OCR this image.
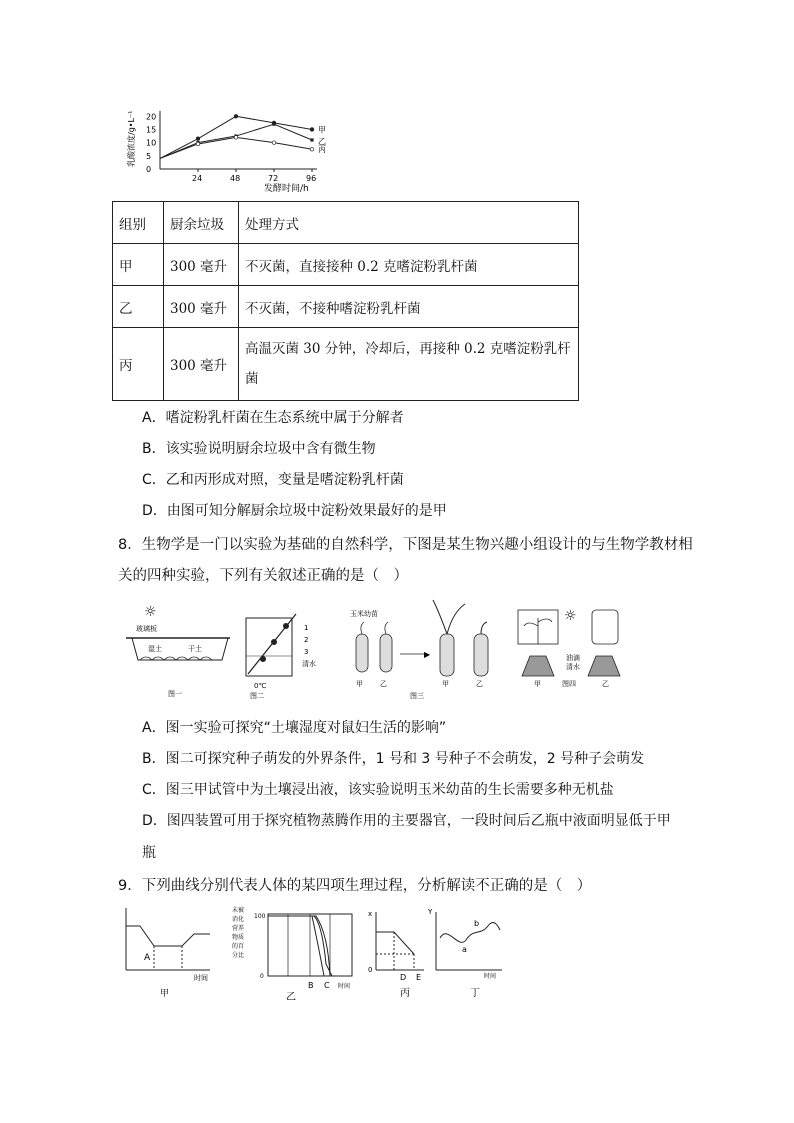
乳酸浓度/g•L⁻¹
0
5
10
15
20
24	48	72	96
甲
乙
丙
发酵时间/h
组别	厨余垃圾	处理方式
甲	300 毫升	不灭菌，直接接种 0.2 克嗜淀粉乳杆菌
乙	300 毫升	不灭菌，不接种嗜淀粉乳杆菌
丙	300 毫升	高温灭菌 30 分钟，冷却后，再接种 0.2 克嗜淀粉乳杆菌
A．嗜淀粉乳杆菌在生态系统中属于分解者
B．该实验说明厨余垃圾中含有微生物
C．乙和丙形成对照，变量是嗜淀粉乳杆菌
D．由图可知分解厨余垃圾中淀粉效果最好的是甲
8．生物学是一门以实验为基础的自然科学，下图是某生物兴趣小组设计的与生物学教材相
关的四种实验，下列有关叙述正确的是（　）
☼
玻璃板
湿土	干土
图一
1
2
3
清水
0℃
图二
玉米幼苗
甲 乙
▶
甲	乙
图三
☼
油滴
清水
甲	乙
图四
A．图一实验可探究“土壤湿度对鼠妇生活的影响”
B．图二可探究种子萌发的外界条件，1 号和 3 号种子不会萌发，2 号种子会萌发
C．图三甲试管中为土壤浸出液，该实验说明玉米幼苗的生长需要多种无机盐
D．图四装置可用于探究植物蒸腾作用的主要器官，一段时间后乙瓶中液面明显低于甲
瓶
9．下列曲线分别代表人体的某四项生理过程，分析解读不正确的是（　）
A
时间
甲
未被
消化
营养
物质
的百
分比
100
0
B C 时间
乙
x
0
D E
丙
Y
a
b
时间
丁
